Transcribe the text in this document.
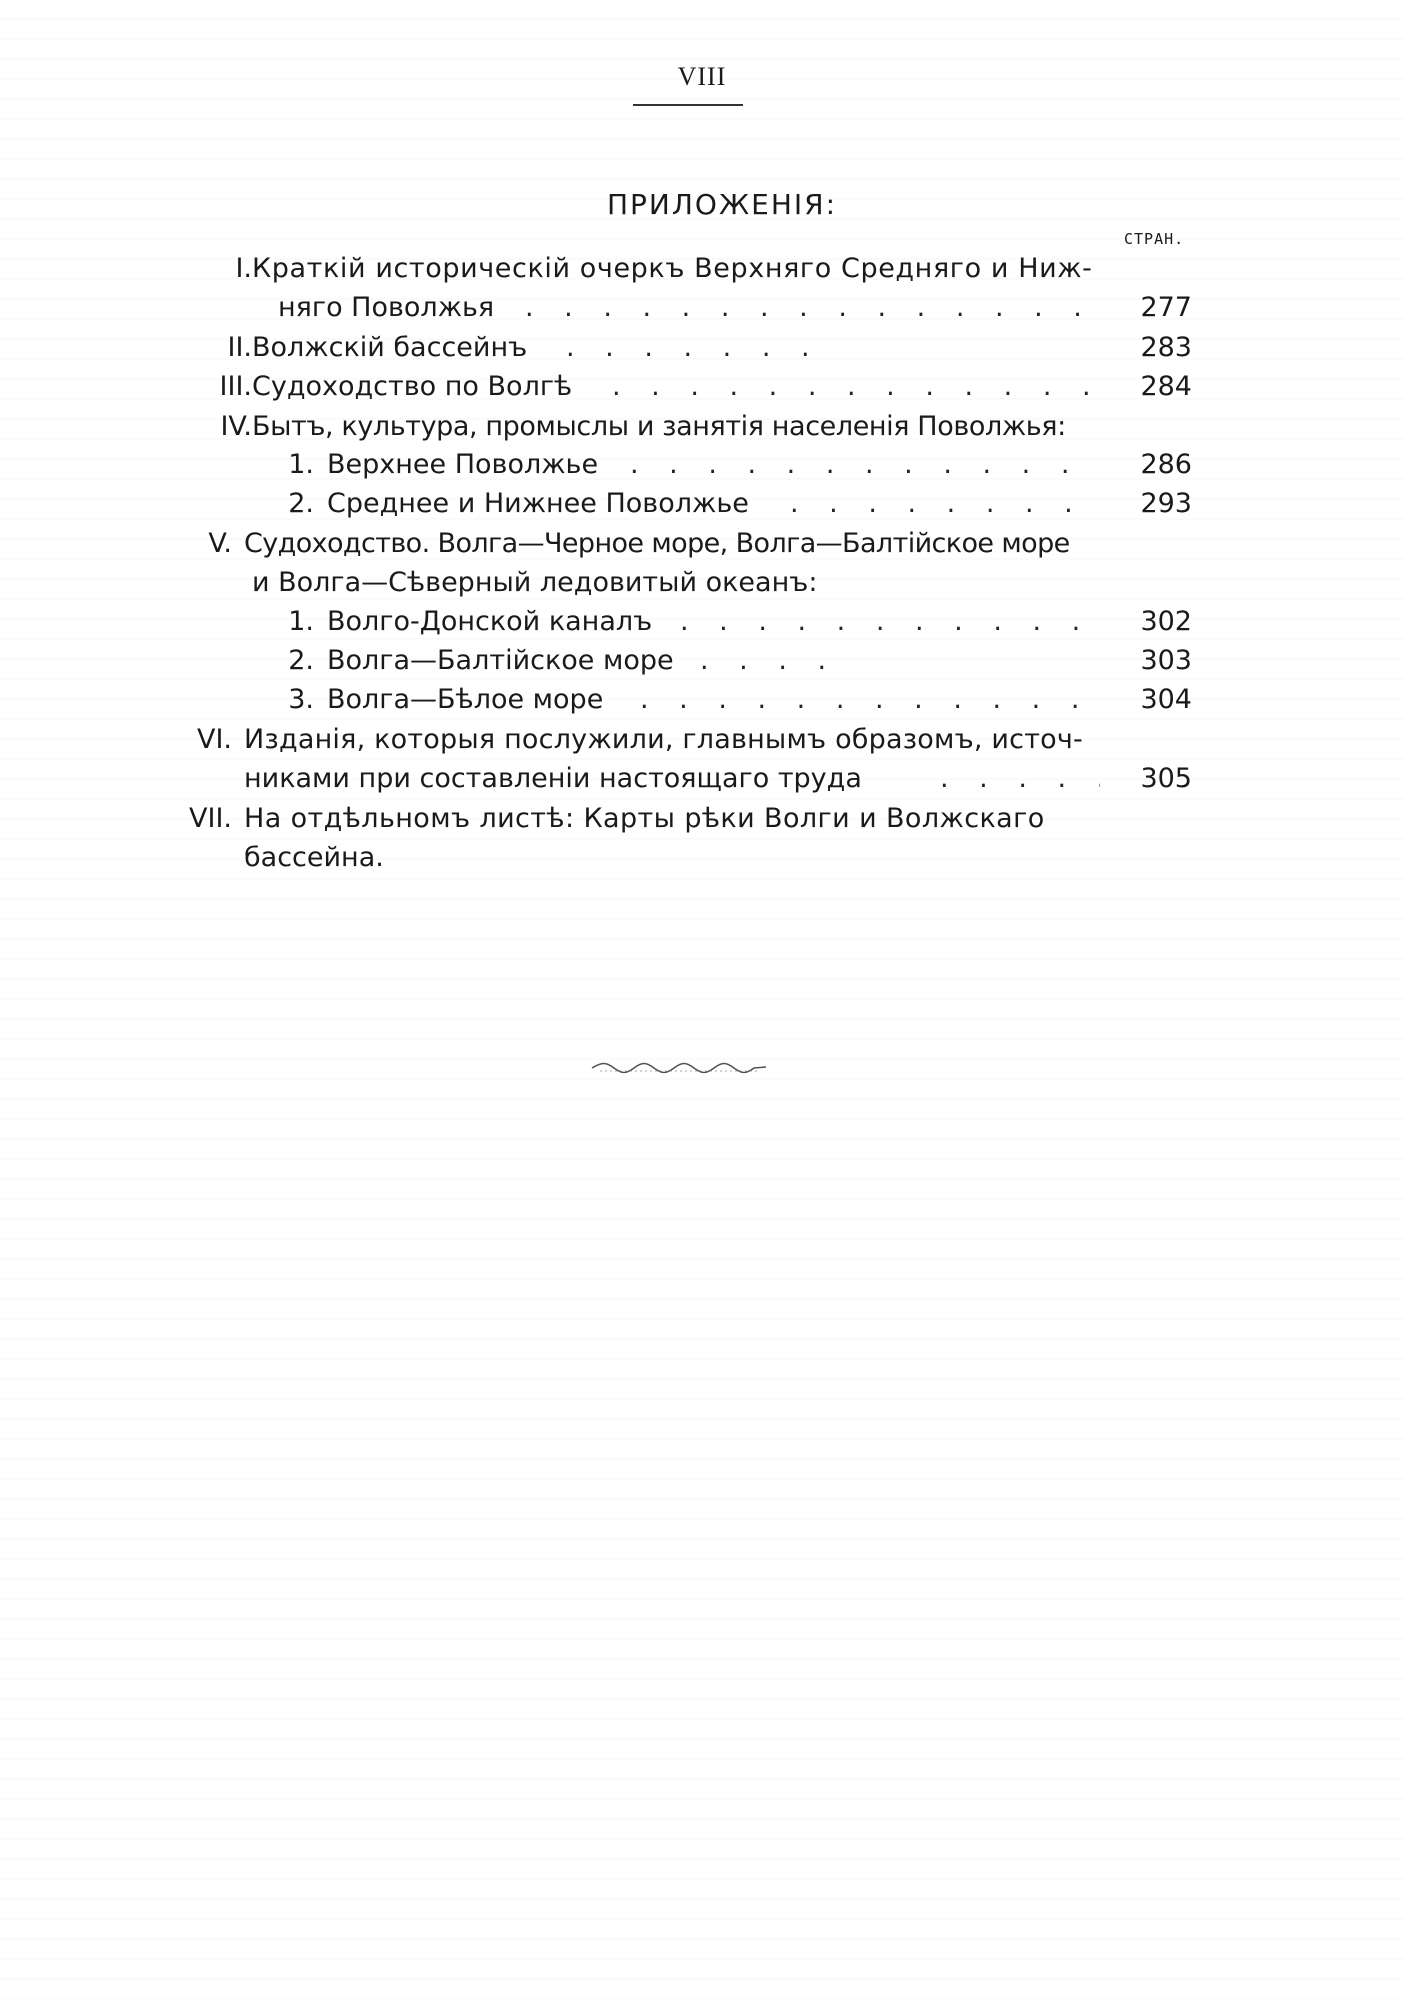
VIII
ПРИЛОЖЕНIЯ:
СТРАН.
I. Краткiй историческiй очеркъ Верхняго Средняго и Ниж-
няго Поволжья . . .	277
II. Волжскiй бассейнъ . . .	283
III. Судоходство по Волгѣ . . .	284
IV. Бытъ, культура, промыслы и занятiя населенiя Поволжья:
1. Верхнее Поволжье . . .	286
2. Среднее и Нижнее Поволжье . . .	293
V. Судоходство. Волга—Черное море, Волга—Балтiйское море
и Волга—Сѣверный ледовитый океанъ:
1. Волго-Донской каналъ . . .	302
2. Волга—Балтiйское море . . .	303
3. Волга—Бѣлое море . . .	304
VI. Изданiя, которыя послужили, главнымъ образомъ, источ-
никами при составленiи настоящаго труда . . .	305
VII. На отдѣльномъ листѣ: Карты рѣки Волги и Волжскаго
бассейна.
